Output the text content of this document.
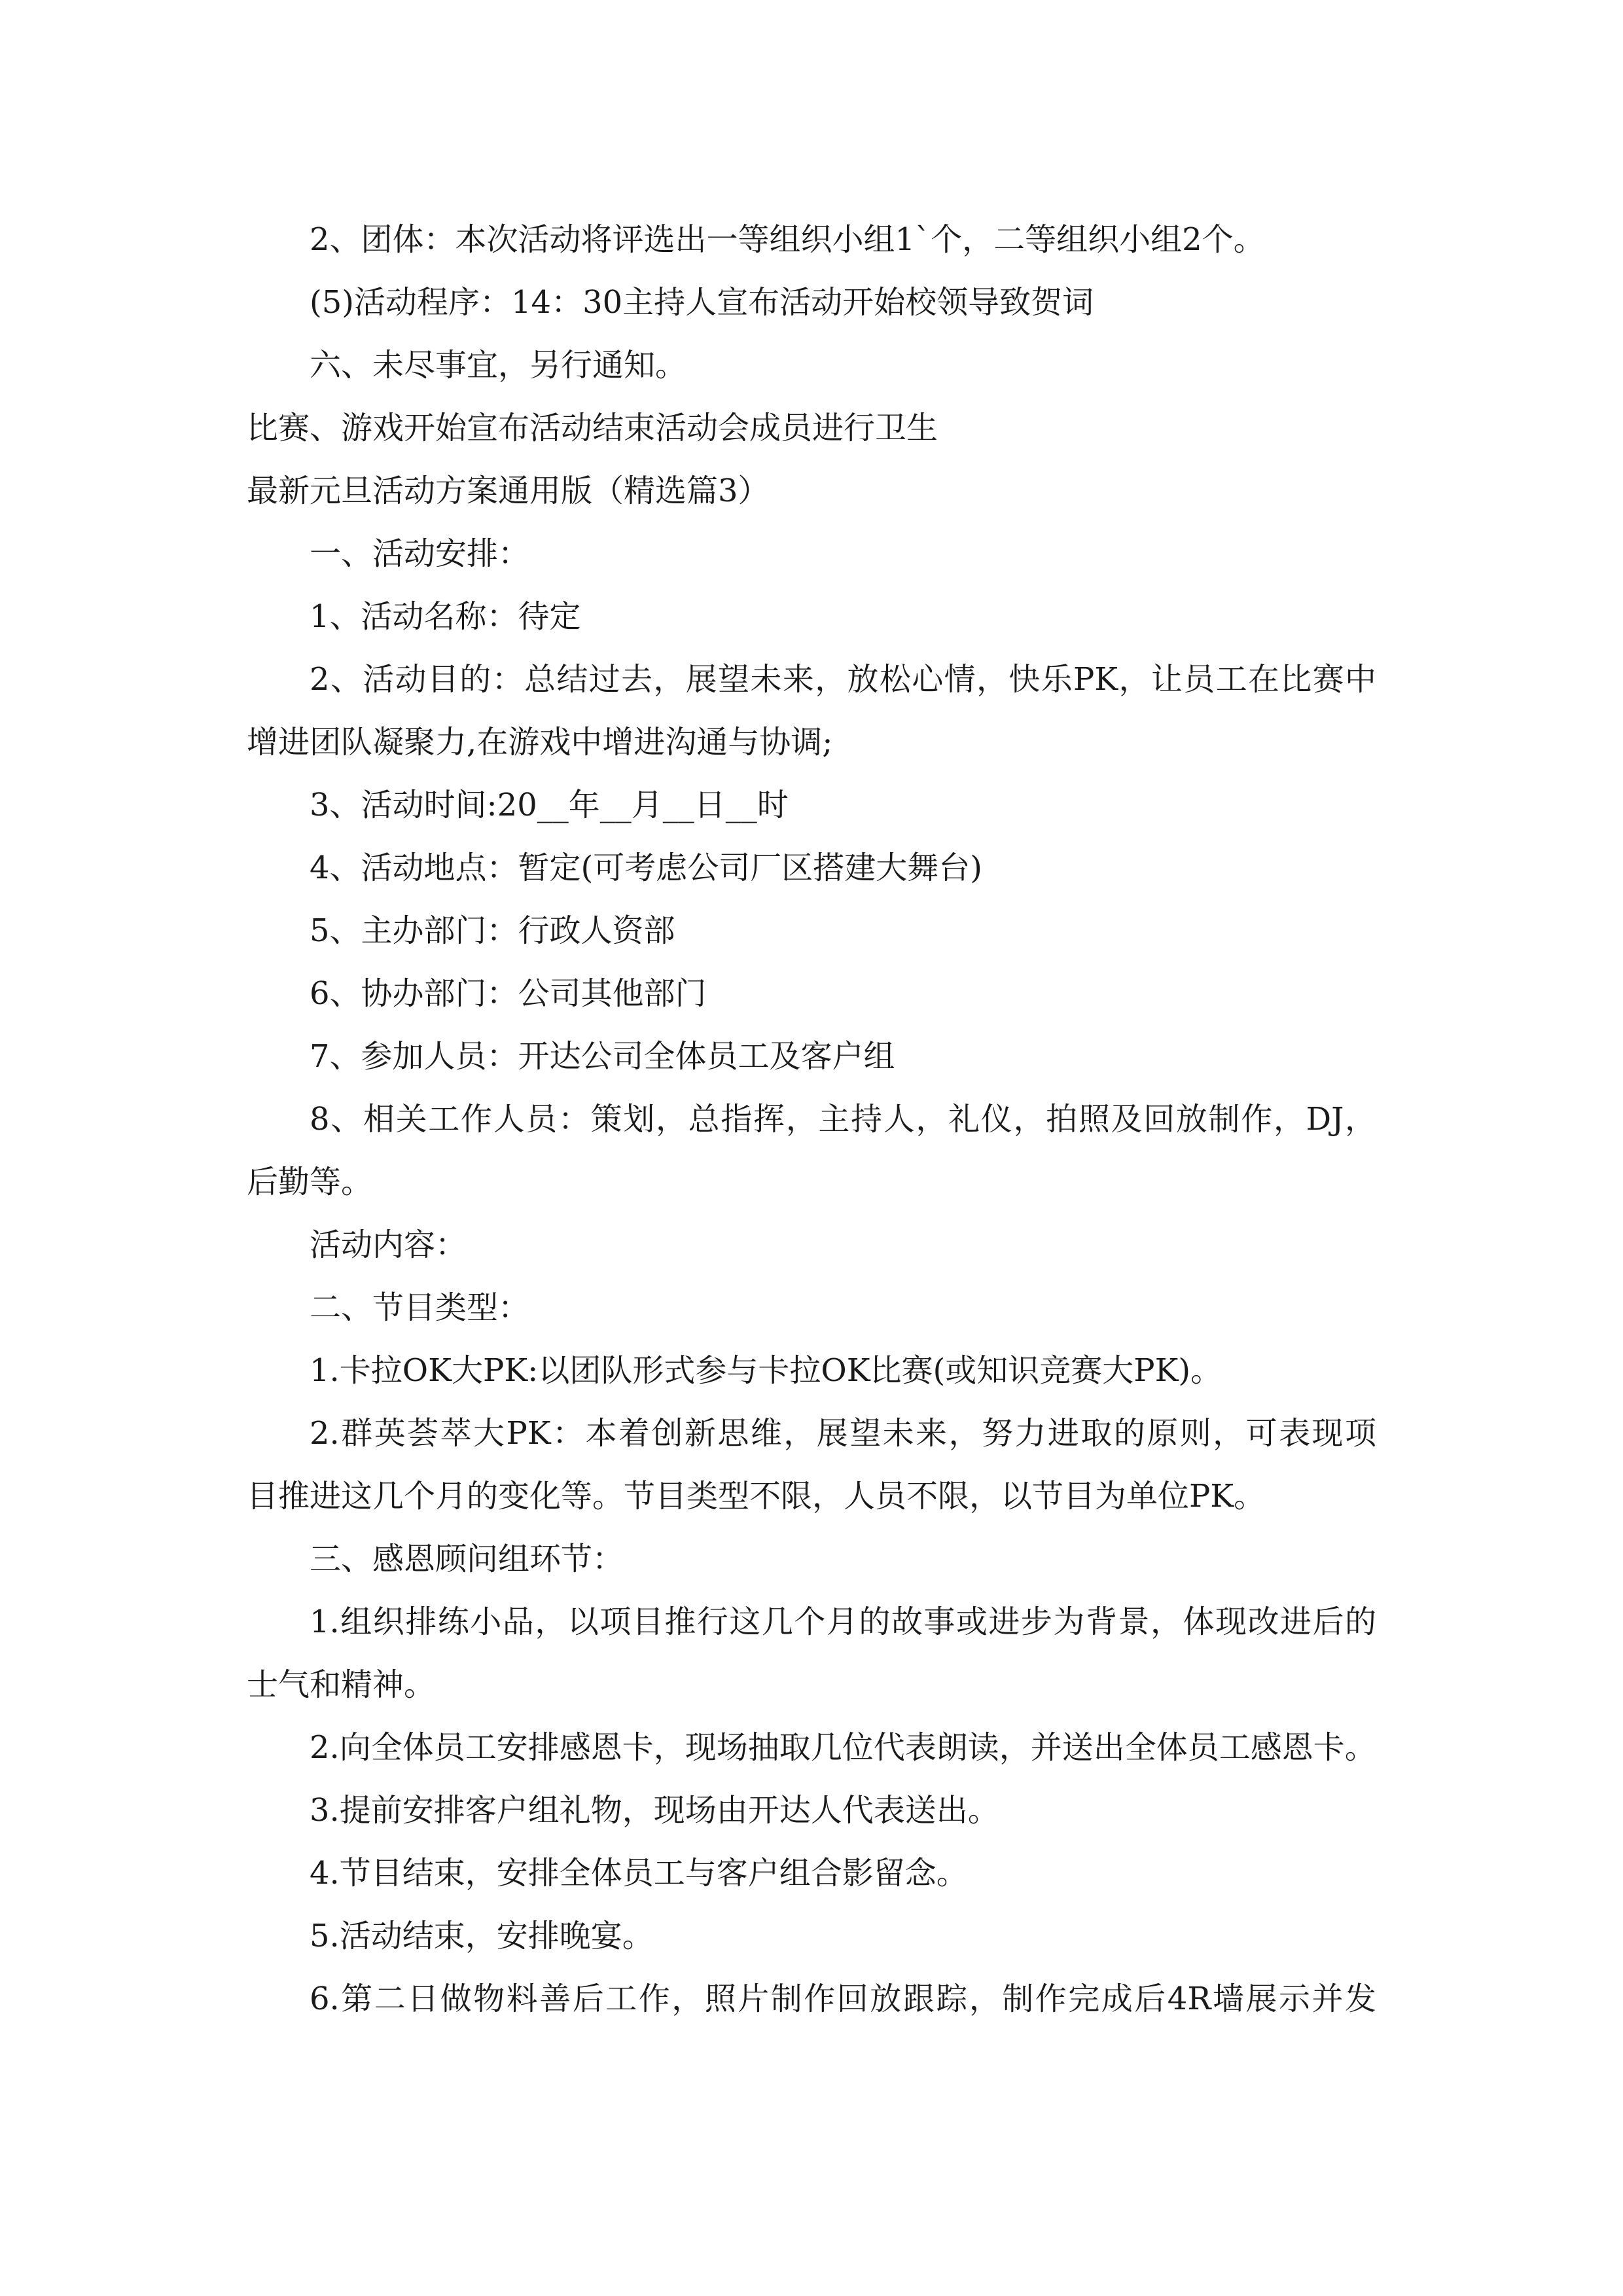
2、团体：本次活动将评选出一等组织小组1`个，二等组织小组2个。
(5)活动程序：14：30主持人宣布活动开始校领导致贺词
六、未尽事宜，另行通知。
比赛、游戏开始宣布活动结束活动会成员进行卫生
最新元旦活动方案通用版（精选篇3）
一、活动安排：
1、活动名称：待定
2、活动目的：总结过去，展望未来，放松心情，快乐PK，让员工在比赛中
增进团队凝聚力,在游戏中增进沟通与协调;
3、活动时间:20__年__月__日__时
4、活动地点：暂定(可考虑公司厂区搭建大舞台)
5、主办部门：行政人资部
6、协办部门：公司其他部门
7、参加人员：开达公司全体员工及客户组
8、相关工作人员：策划，总指挥，主持人，礼仪，拍照及回放制作，DJ，
后勤等。
活动内容：
二、节目类型：
1.卡拉OK大PK:以团队形式参与卡拉OK比赛(或知识竞赛大PK)。
2.群英荟萃大PK：本着创新思维，展望未来，努力进取的原则，可表现项
目推进这几个月的变化等。节目类型不限，人员不限，以节目为单位PK。
三、感恩顾问组环节：
1.组织排练小品，以项目推行这几个月的故事或进步为背景，体现改进后的
士气和精神。
2.向全体员工安排感恩卡，现场抽取几位代表朗读，并送出全体员工感恩卡。
3.提前安排客户组礼物，现场由开达人代表送出。
4.节目结束，安排全体员工与客户组合影留念。
5.活动结束，安排晚宴。
6.第二日做物料善后工作，照片制作回放跟踪，制作完成后4R墙展示并发
